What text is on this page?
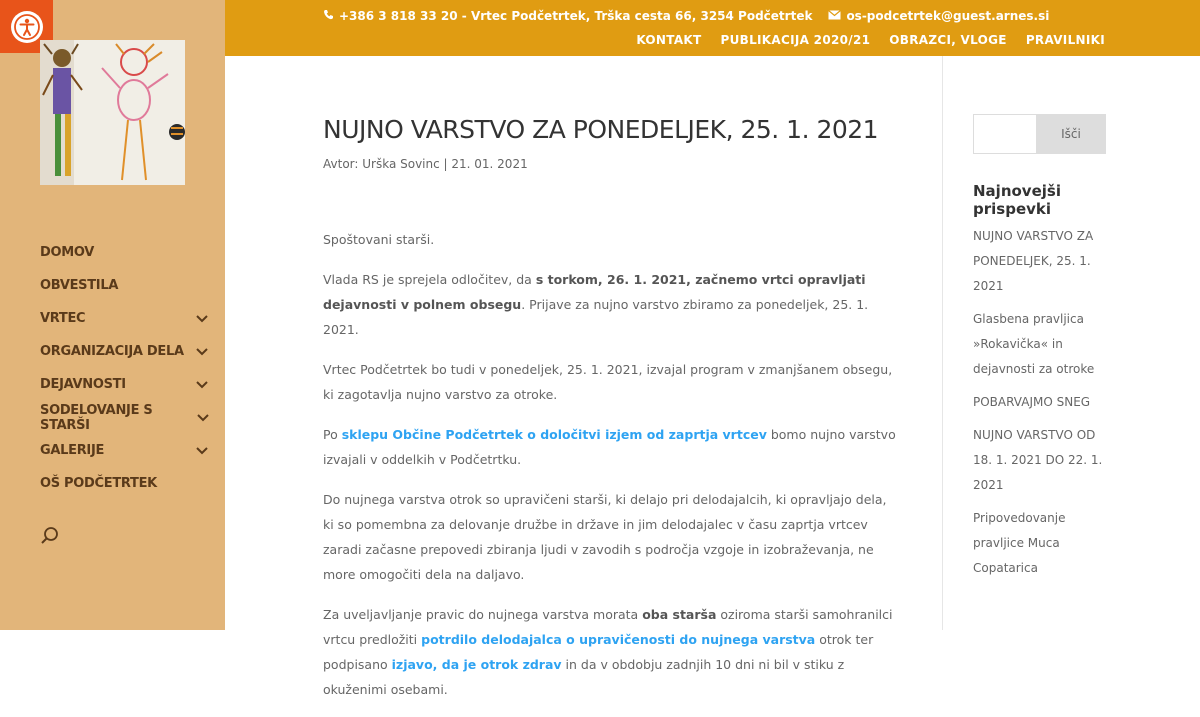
DOMOV
OBVESTILA
VRTEC
ORGANIZACIJA DELA
DEJAVNOSTI
SODELOVANJE S STARŠI
GALERIJE
OŠ PODČETRTEK
+386 3 818 33 20 - Vrtec Podčetrtek, Trška cesta 66, 3254 Podčetrtek	os-podcetrtek@guest.arnes.si
KONTAKT PUBLIKACIJA 2020/21 OBRAZCI, VLOGE PRAVILNIKI
NUJNO VARSTVO ZA PONEDELJEK, 25. 1. 2021
Avtor: Urška Sovinc | 21. 01. 2021

Spoštovani starši.

Vlada RS je sprejela odločitev, da s torkom, 26. 1. 2021, začnemo vrtci opravljati dejavnosti v polnem obsegu. Prijave za nujno varstvo zbiramo za ponedeljek, 25. 1. 2021.

Vrtec Podčetrtek bo tudi v ponedeljek, 25. 1. 2021, izvajal program v zmanjšanem obsegu, ki zagotavlja nujno varstvo za otroke.

Po sklepu Občine Podčetrtek o določitvi izjem od zaprtja vrtcev bomo nujno varstvo izvajali v oddelkih v Podčetrtku.

Do nujnega varstva otrok so upravičeni starši, ki delajo pri delodajalcih, ki opravljajo dela, ki so pomembna za delovanje družbe in države in jim delodajalec v času zaprtja vrtcev zaradi začasne prepovedi zbiranja ljudi v zavodih s področja vzgoje in izobraževanja, ne more omogočiti dela na daljavo.

Za uveljavljanje pravic do nujnega varstva morata oba starša oziroma starši samohranilci vrtcu predložiti potrdilo delodajalca o upravičenosti do nujnega varstva otrok ter podpisano izjavo, da je otrok zdrav in da v obdobju zadnjih 10 dni ni bil v stiku z okuženimi osebami.

Išči
Najnovejši prispevki
NUJNO VARSTVO ZA PONEDELJEK, 25. 1. 2021
Glasbena pravljica »Rokavička« in dejavnosti za otroke
POBARVAJMO SNEG
NUJNO VARSTVO OD 18. 1. 2021 DO 22. 1. 2021
Pripovedovanje pravljice Muca Copatarica
